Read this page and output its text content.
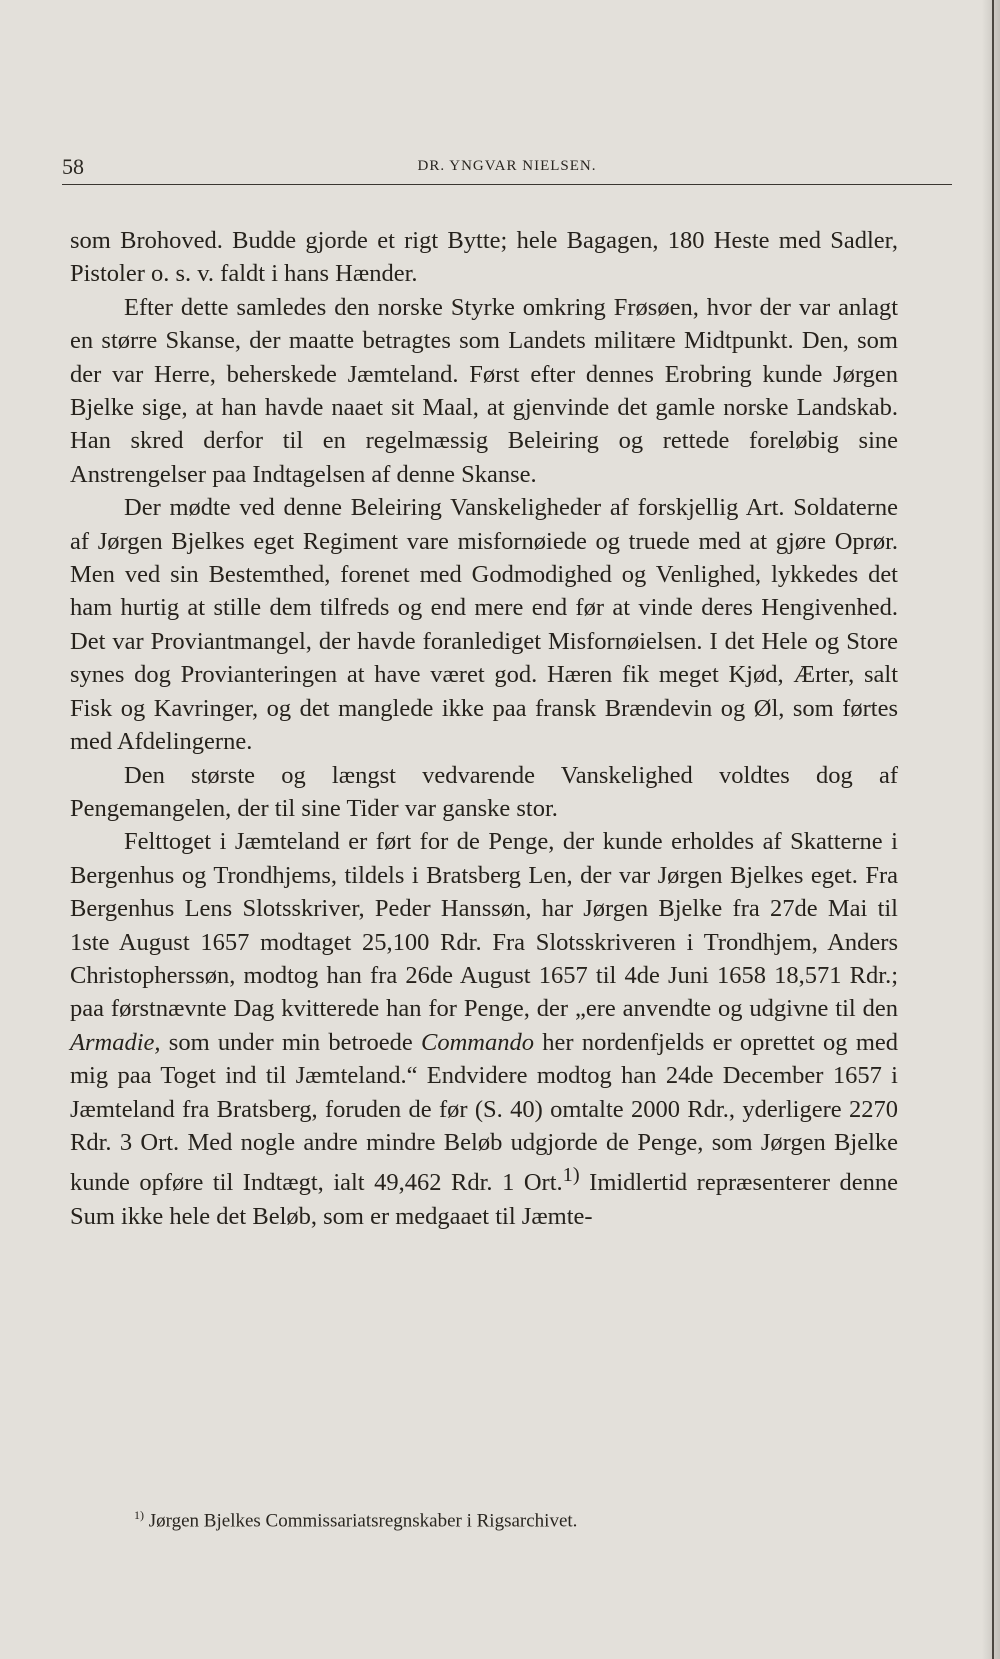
58	DR. YNGVAR NIELSEN.

som Brohoved. Budde gjorde et rigt Bytte; hele Bagagen, 180 Heste med Sadler, Pistoler o. s. v. faldt i hans Hænder.

Efter dette samledes den norske Styrke omkring Frøsøen, hvor der var anlagt en større Skanse, der maatte betragtes som Landets militære Midtpunkt. Den, som der var Herre, beherskede Jæmteland. Først efter dennes Erobring kunde Jørgen Bjelke sige, at han havde naaet sit Maal, at gjenvinde det gamle norske Landskab. Han skred derfor til en regelmæssig Beleiring og rettede foreløbig sine Anstrengelser paa Indtagelsen af denne Skanse.

Der mødte ved denne Beleiring Vanskeligheder af forskjellig Art. Soldaterne af Jørgen Bjelkes eget Regiment vare misfornøiede og truede med at gjøre Oprør. Men ved sin Bestemthed, forenet med Godmodighed og Venlighed, lykkedes det ham hurtig at stille dem tilfreds og end mere end før at vinde deres Hengivenhed. Det var Proviantmangel, der havde foranlediget Misfornøielsen. I det Hele og Store synes dog Provianteringen at have været god. Hæren fik meget Kjød, Ærter, salt Fisk og Kavringer, og det manglede ikke paa fransk Brændevin og Øl, som førtes med Afdelingerne.

Den største og længst vedvarende Vanskelighed voldtes dog af Pengemangelen, der til sine Tider var ganske stor.

Felttoget i Jæmteland er ført for de Penge, der kunde erholdes af Skatterne i Bergenhus og Trondhjems, tildels i Bratsberg Len, der var Jørgen Bjelkes eget. Fra Bergenhus Lens Slotsskriver, Peder Hanssøn, har Jørgen Bjelke fra 27de Mai til 1ste August 1657 modtaget 25,100 Rdr. Fra Slotsskriveren i Trondhjem, Anders Christopherssøn, modtog han fra 26de August 1657 til 4de Juni 1658 18,571 Rdr.; paa førstnævnte Dag kvitterede han for Penge, der „ere anvendte og udgivne til den Armadie, som under min betroede Commando her nordenfjelds er oprettet og med mig paa Toget ind til Jæmteland.“ Endvidere modtog han 24de December 1657 i Jæmteland fra Bratsberg, foruden de før (S. 40) omtalte 2000 Rdr., yderligere 2270 Rdr. 3 Ort. Med nogle andre mindre Beløb udgjorde de Penge, som Jørgen Bjelke kunde opføre til Indtægt, ialt 49,462 Rdr. 1 Ort.$^{1)}$ Imidlertid repræsenterer denne Sum ikke hele det Beløb, som er medgaaet til Jæmte-

$^{1)}$ Jørgen Bjelkes Commissariatsregnskaber i Rigsarchivet.
